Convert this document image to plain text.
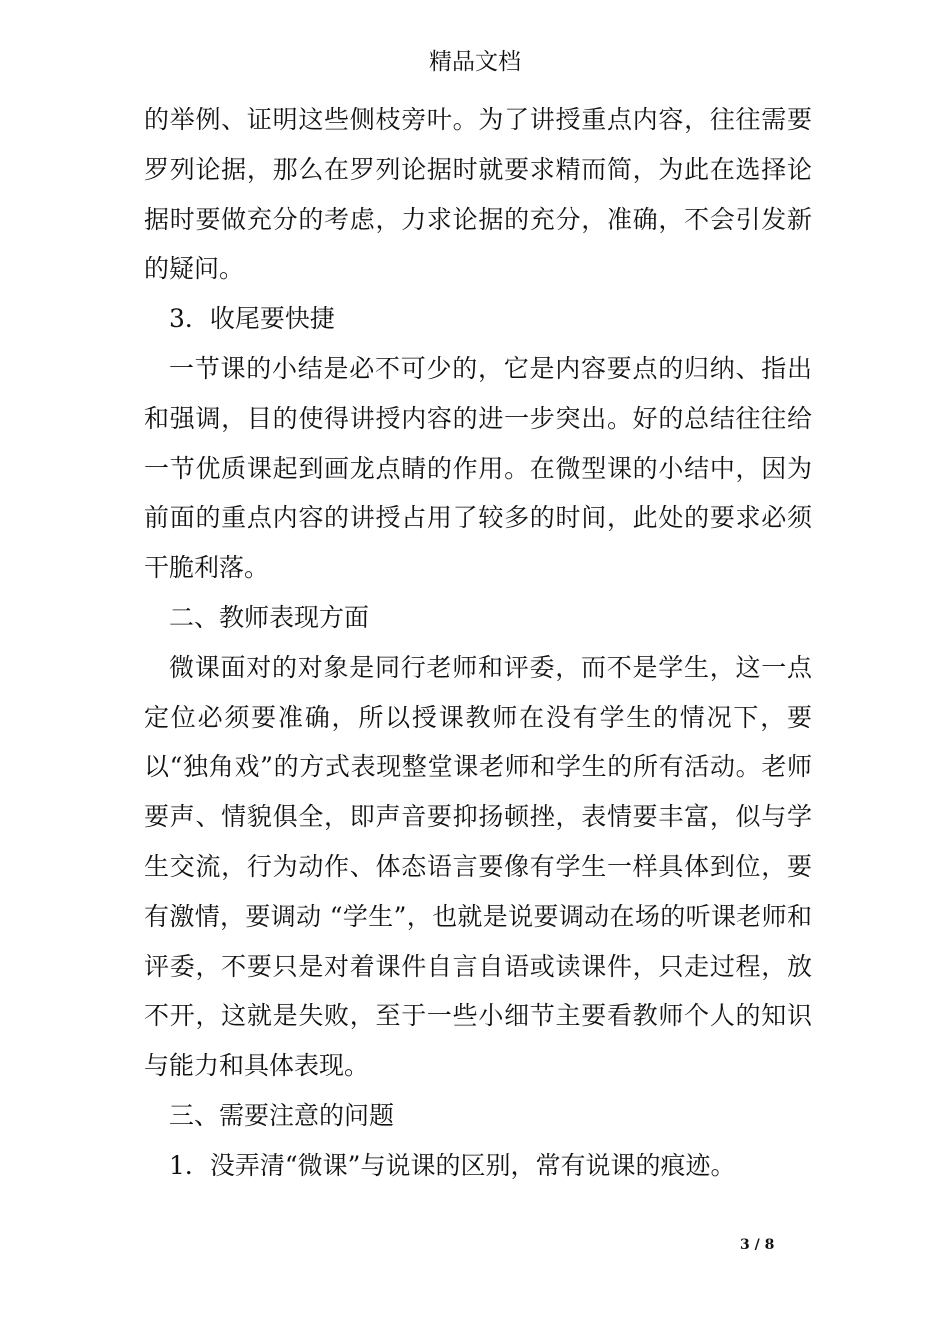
精品文档

的举例、证明这些侧枝旁叶。为了讲授重点内容，往往需要罗列论据，那么在罗列论据时就要求精而简，为此在选择论据时要做充分的考虑，力求论据的充分，准确，不会引发新的疑问。

3．收尾要快捷

一节课的小结是必不可少的，它是内容要点的归纳、指出和强调，目的使得讲授内容的进一步突出。好的总结往往给一节优质课起到画龙点睛的作用。在微型课的小结中，因为前面的重点内容的讲授占用了较多的时间，此处的要求必须干脆利落。

二、教师表现方面

微课面对的对象是同行老师和评委，而不是学生，这一点定位必须要准确，所以授课教师在没有学生的情况下，要以“独角戏”的方式表现整堂课老师和学生的所有活动。老师要声、情貌俱全，即声音要抑扬顿挫，表情要丰富，似与学生交流，行为动作、体态语言要像有学生一样具体到位，要有激情，要调动 “学生”，也就是说要调动在场的听课老师和评委，不要只是对着课件自言自语或读课件，只走过程，放不开，这就是失败，至于一些小细节主要看教师个人的知识与能力和具体表现。

三、需要注意的问题

1．没弄清“微课”与说课的区别，常有说课的痕迹。

3 / 8
